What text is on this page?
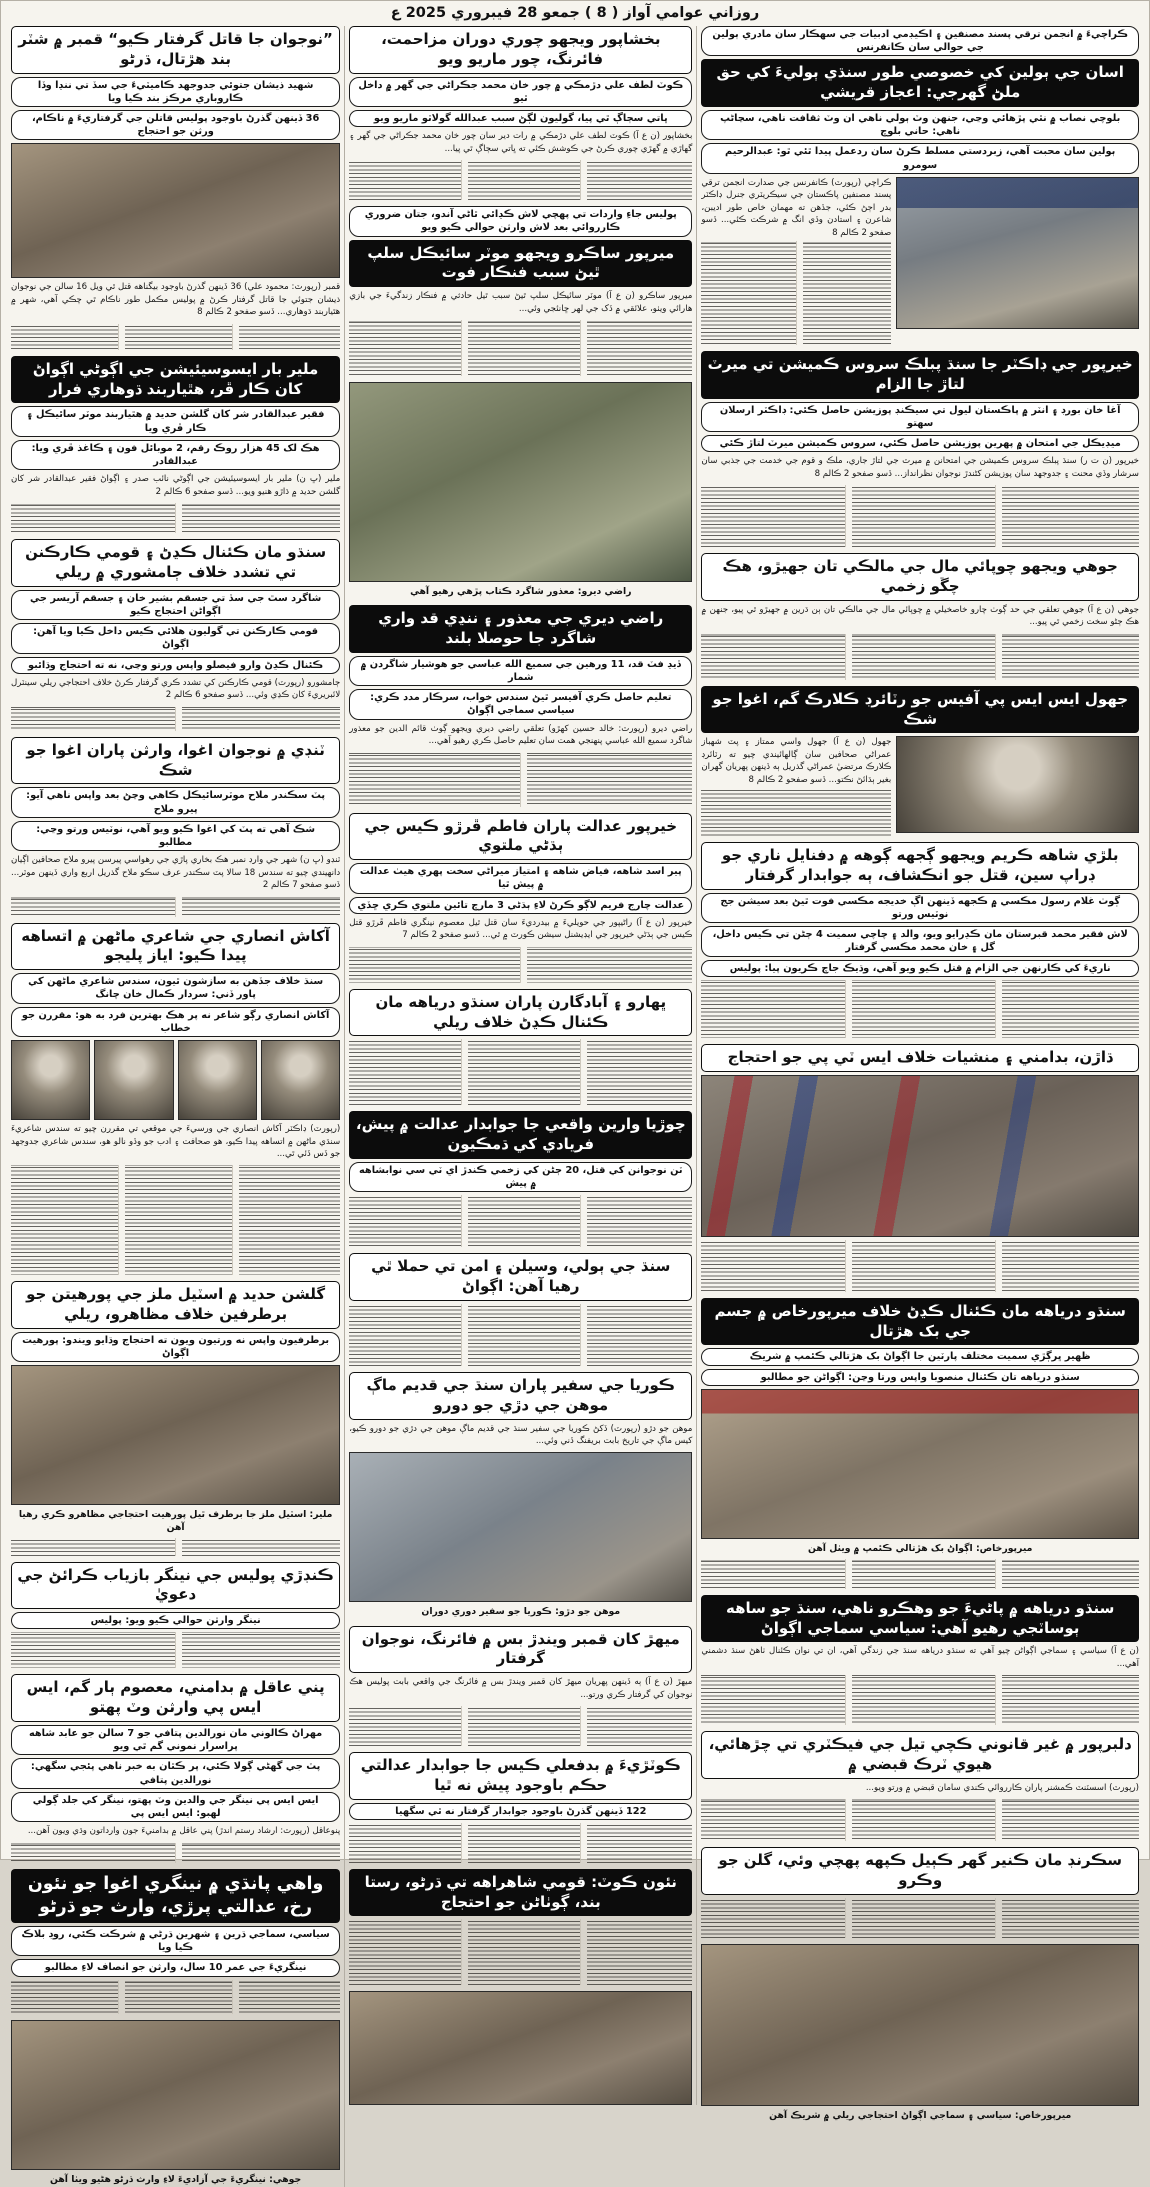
روزاني عوامي آواز ( 8 ) جمعو 28 فيبروري 2025 ع
ڪراچيءَ ۾ انجمن ترقي پسند مصنفين ۽ اڪيڊمي ادبيات جي سهڪار سان مادري ٻولين جي حوالي سان ڪانفرنس
اسان جي ٻولين کي خصوصي طور سنڌي ٻوليءَ کي حق ملڻ گهرجي: اعجاز قريشي
بلوچي نصاب ۾ نٿي پڙهائي وڃي، جنهن وٽ ٻولي ناهي ان وٽ ثقافت ناهي، سڃاڻپ ناهي: حاني بلوچ
ٻولين سان محبت آهي، زبردستي مسلط ڪرڻ سان ردعمل پيدا ٿئي ٿو: عبدالرحيم سومرو

ڪراچي (رپورٽ) ڪانفرنس جي صدارت انجمن ترقي پسند مصنفين پاڪستان جي سيڪريٽري جنرل ڊاڪٽر بدر اڄڻ ڪئي، جڏهن ته مهمان خاص طور اديبن، شاعرن ۽ استادن وڏي انگ ۾ شرڪت ڪئي... ڏسو صفحو 2 ڪالم 8

خيرپور جي ڊاڪٽر جا سنڌ پبلڪ سروس ڪميشن تي ميرٽ لتاڙ جا الزام
آغا خان بورڊ ۽ انٽر ۾ پاڪستان ليول تي سيڪنڊ پوزيشن حاصل ڪئي: ڊاڪٽر ارسلان سهتو
ميڊيڪل جي امتحان ۾ پهرين پوزيشن حاصل ڪئي، سروس ڪميشن ميرٽ لتاڙ ڪئي

خيرپور (ن ت ر) سنڌ پبلڪ سروس ڪميشن جي امتحانن ۾ ميرٽ جي لتاڙ جاري، ملڪ و قوم جي خدمت جي جذبي سان سرشار وڏي محنت ۽ جدوجهد سان پوزيشن کڻندڙ نوجوان نظرانداز... ڏسو صفحو 2 ڪالم 8

جوهي ويجهو چوپائي مال جي مالڪي تان جهيڙو، هڪ چڱو زخمي

جوهي (ن ع آ) جوهي تعلقي جي حد ڳوٺ چارو خاصخيلي ۾ چوپائي مال جي مالڪي تان ٻن ڌرين ۾ جهيڙو ٿي پيو، جنهن ۾ هڪ ڄڻو سخت زخمي ٿي پيو...

جهول ايس ايس پي آفيس جو رٽائرڊ ڪلارڪ گم، اغوا جو شڪ

جهول (ن ع آ) جهول واسي ممتاز ۽ پٽ شهباز عمراڻي صحافين سان ڳالهائيندي چيو ته رٽائرڊ ڪلارڪ مرتضيٰ عمراڻي گذريل ٻه ڏينهن پهريان گهران بغير ٻڌائڻ نڪتو... ڏسو صفحو 2 ڪالم 8

بلڙي شاهه ڪريم ويجهو ڳجهه ڳوهه ۾ دفنايل ناري جو ڊراپ سين، قتل جو انڪشاف، ٻه جوابدار گرفتار
ڳوٺ غلام رسول مڪسي ۾ ڪجهه ڏينهن اڳ خديجه مڪسي فوت ٿيڻ بعد سيشن جج نوٽيس ورتو
لاش فقير محمد قبرستان مان ڪڍرايو ويو، والد ۽ چاچي سميت 4 ڄڻن تي ڪيس داخل، گل ۽ خان محمد مڪسي گرفتار
ناريءَ کي ڪارنهن جي الزام ۾ قتل ڪيو ويو آهي، وڌيڪ جاچ ڪريون پيا: پوليس
ڌاڙن، بدامني ۽ منشيات خلاف ايس ٽي پي جو احتجاج
سنڌو درياهه مان ڪئنال ڪڍڻ خلاف ميرپورخاص ۾ جسم جي بک هڙتال
ظهير ڀرڳڙي سميت مختلف پارٽين جا اڳواڻ بک هڙتالي ڪئمپ ۾ شريڪ
سنڌو درياهه تان ڪئنال منصوبا واپس ورتا وڃن: اڳواڻن جو مطالبو
ميرپورخاص: اڳواڻ بک هڙتالي ڪئمپ ۾ ويٺل آهن
سنڌو درياهه ۾ پاڻيءَ جو وهڪرو ناهي، سنڌ جو ساهه ٻوساٽجي رهيو آهي: سياسي سماجي اڳواڻ

(ن ع آ) سياسي ۽ سماجي اڳواڻن چيو آهي ته سنڌو درياهه سنڌ جي زندگي آهي، ان تي نوان ڪئنال ٺاهڻ سنڌ دشمني آهي...

دلبرپور ۾ غير قانوني ڪچي تيل جي فيڪٽري تي چڙهائي، هيوي ٽرڪ قبضي ۾

(رپورٽ) اسسٽنٽ ڪمشنر پاران ڪارروائي ڪندي سامان قبضي ۾ ورتو ويو...

سڪرنڊ مان ڪنير گهر ڪٻيل ڪپهه پهچي وئي، گلن جو وڪرو
ميرپورخاص: سياسي ۽ سماجي اڳواڻ احتجاجي ريلي ۾ شريڪ آهن
بخشاپور ويجهو چوري دوران مزاحمت، فائرنگ، چور ماريو ويو
ڪوٽ لطف علي دڙمڪي ۾ چور خان محمد جڪراڻي جي گهر ۾ داخل ٿيو
ڀاتي سڄاڳ ٿي پيا، گوليون لڳڻ سبب عبدالله گولاٽو ماريو ويو

بخشاپور (ن ع آ) ڪوٽ لطف علي دڙمڪي ۾ رات دير سان چور خان محمد جڪراڻي جي گهر ۽ گهاڙي ۾ گهڙي چوري ڪرڻ جي ڪوشش ڪئي ته ڀاتي سڄاڳ ٿي پيا...

پوليس جاءِ واردات تي پهچي لاش ڪڍائي ٿاڻي آندو، جتان ضروري ڪارروائي بعد لاش وارثن حوالي ڪيو ويو
ميرپور ساڪرو ويجهو موٽر سائيڪل سلپ ٿيڻ سبب فنڪار فوت

ميرپور ساڪرو (ن ع آ) موٽر سائيڪل سلپ ٿيڻ سبب ٿيل حادثي ۾ فنڪار زندگيءَ جي بازي هارائي ويٺو، علائقي ۾ ڏک جي لهر ڇانئجي وئي...

راضي ديرو: معذور شاگرد ڪتاب پڙهي رهيو آهي
راضي ديري جي معذور ۽ ننڍي قد واري شاگرد جا حوصلا بلند
ڏيڍ فٽ قد، 11 ورهين جي سميع الله عباسي جو هوشيار شاگردن ۾ شمار
تعليم حاصل ڪري آفيسر ٿيڻ سندس خواب، سرڪار مدد ڪري: سياسي سماجي اڳواڻ

راضي ديرو (رپورٽ: خالد حسين کهڙو) تعلقي راضي ديري ويجهو ڳوٺ قائم الدين جو معذور شاگرد سميع الله عباسي پنهنجي همت سان تعليم حاصل ڪري رهيو آهي...

خيرپور عدالت پاران فاطم ڦرڙو ڪيس جي ٻڌڻي ملتوي
پير اسد شاهه، فياض شاهه ۽ امتياز ميراڻي سخت پهري هيٺ عدالت ۾ پيش ٿيا
عدالت چارج فريم لاڳو ڪرڻ لاءِ ٻڌڻي 3 مارچ تائين ملتوي ڪري ڇڏي

خيرپور (ن ع آ) راڻيپور جي حويليءَ ۾ بيدرديءَ سان قتل ٿيل معصوم نينگري فاطم ڦرڙو قتل ڪيس جي ٻڌڻي خيرپور جي ايڊيشنل سيشن ڪورٽ ۾ ٿي... ڏسو صفحو 2 ڪالم 7

ڀهارو ۽ آبادگارن پاران سنڌو درياهه مان ڪئنال ڪڍڻ خلاف ريلي
چوڙيا وارين واقعي جا جوابدار عدالت ۾ پيش، فريادي کي ڌمڪيون
ٽن نوجوانن کي قتل، 20 ڄڻن کي زخمي ڪندڙ اي ٽي سي نوابشاهه ۾ پيش
سنڌ جي ٻولي، وسيلن ۽ امن تي حملا ٿي رهيا آهن: اڳواڻ
ڪوريا جي سفير پاران سنڌ جي قديم ماڳ موهن جي دڙي جو دورو

موهن جو دڙو (رپورٽ) ڏکڻ ڪوريا جي سفير سنڌ جي قديم ماڳ موهن جي دڙي جو دورو ڪيو، کيس ماڳ جي تاريخ بابت بريفنگ ڏني وئي...

موهن جو دڙو: ڪوريا جو سفير دوري دوران
ميهڙ کان قمبر ويندڙ بس ۾ فائرنگ، نوجوان گرفتار

ميهڙ (ن ع آ) ٻه ڏينهن پهريان ميهڙ کان قمبر ويندڙ بس ۾ فائرنگ جي واقعي بابت پوليس هڪ نوجوان کي گرفتار ڪري ورتو...

ڪوٽڙيءَ ۾ بدفعلي ڪيس جا جوابدار عدالتي حڪم باوجود پيش نه ٿيا
122 ڏينهن گذرڻ باوجود جوابدار گرفتار نه ٿي سگهيا
نئون ڪوٽ: قومي شاهراهه تي ڌرڻو، رستا بند، ڳوٺاڻن جو احتجاج
”نوجوان جا قاتل گرفتار ڪيو“ قمبر ۾ شٽر بند هڙتال، ڌرڻو
شهيد ذيشان جتوئي جدوجهد ڪاميٽيءَ جي سڏ تي ننڍا وڏا ڪاروباري مرڪز بند ڪيا ويا
36 ڏينهن گذرڻ باوجود پوليس قاتلن جي گرفتاريءَ ۾ ناڪام، ورثن جو احتجاج

قمبر (رپورٽ: محمود علي) 36 ڏينهن گذرڻ باوجود بيگناهه قتل ٿي ويل 16 سالن جي نوجوان ذيشان جتوئي جا قاتل گرفتار ڪرڻ ۾ پوليس مڪمل طور ناڪام ٿي چڪي آهي، شهر ۾ هٿياربند ڌوهاري... ڏسو صفحو 2 ڪالم 8

ملير بار ايسوسيئيشن جي اڳوڻي اڳواڻ کان ڪار ڦر، هٿياربند ڌوهاري فرار
فقير عبدالقادر شر کان گلشن حديد ۾ هٿياربند موٽر سائيڪل ۽ ڪار ڦري ويا
هڪ لک 45 هزار روڪ رقم، 2 موبائل فون ۽ ڪاغذ ڦري ويا: عبدالقادر

ملير (ڀ ن) ملير بار ايسوسيئيشن جي اڳوڻي نائب صدر ۽ اڳواڻ فقير عبدالقادر شر کان گلشن حديد ۾ ڌاڙو هنيو ويو... ڏسو صفحو 6 ڪالم 2

سنڌو مان ڪئنال ڪڍڻ ۽ قومي ڪارڪنن تي تشدد خلاف ڄامشوري ۾ ريلي
شاگرد سٿ جي سڏ تي جسقم بشير خان ۽ جسقم آريسر جي اڳواڻن احتجاج ڪيو
قومي ڪارڪنن تي گوليون هلائي ڪيس داخل ڪيا ويا آهن: اڳواڻ
ڪئنال ڪڍڻ وارو فيصلو واپس ورتو وڃي، نه ته احتجاج وڌائبو

ڄامشورو (رپورٽ) قومي ڪارڪنن کي تشدد ڪري گرفتار ڪرڻ خلاف احتجاجي ريلي سينٽرل لائبريريءَ کان ڪڍي وئي... ڏسو صفحو 6 ڪالم 2

ٽنڊي ۾ نوجوان اغوا، وارثن پاران اغوا جو شڪ
پٽ سڪندر ملاح موٽرسائيڪل ڪاهي وڃڻ بعد واپس ناهي آيو: پيرو ملاح
شڪ آهي ته پٽ کي اغوا ڪيو ويو آهي، نوٽيس ورتو وڃي: مطالبو

ٽنڊو (ڀ ن) شهر جي وارڊ نمبر هڪ بخاري پاڙي جي رهواسي پيرسن پيرو ملاح صحافين اڳيان دانهيندي چيو ته سندس 18 سالا پٽ سڪندر عرف سڪو ملاح گذريل اربع واري ڏينهن موٽر... ڏسو صفحو 7 ڪالم 2

آکاش انصاري جي شاعري ماڻهن ۾ اتساهه پيدا ڪيو: اياز پليجو
سنڌ خلاف جڏهن به سازشون ٿيون، سندس شاعري ماڻهن کي پاور ڏني: سردار ڪمال خان چانگ
آکاش انصاري رڳو شاعر نه پر هڪ بهترين فرد به هو: مقررن جو خطاب

(رپورٽ) ڊاڪٽر آکاش انصاري جي ورسيءَ جي موقعي تي مقررن چيو ته سندس شاعريءَ سنڌي ماڻهن ۾ اتساهه پيدا ڪيو، هو صحافت ۽ ادب جو وڏو نالو هو، سندس شاعري جدوجهد جو ڏس ڏئي ٿي...

گلشن حديد ۾ اسٽيل ملز جي پورهيتن جو برطرفين خلاف مظاهرو، ريلي
برطرفيون واپس نه ورتيون ويون ته احتجاج وڌايو ويندو: پورهيت اڳواڻ
ملير: اسٽيل ملز جا برطرف ٿيل پورهيت احتجاجي مظاهرو ڪري رهيا آهن
ڪنڊڙي پوليس جي نينگر بازياب ڪرائڻ جي دعويٰ
نينگر وارثن حوالي ڪيو ويو: پوليس
پني عاقل ۾ بدامني، معصوم ٻار گم، ايس ايس پي وارثن وٽ پهتو
مهراڻ ڪالوني مان نورالدين پتافي جو 7 سالن جو عابد شاهه پراسرار نموني گم ٿي ويو
پٽ جي گهڻي ڳولا ڪئي، پر ڪٿان به خبر ناهي پئجي سگهي: نورالدين پتافي
ايس ايس پي نينگر جي والدين وٽ پهتو، نينگر کي جلد ڳولي لهبو: ايس ايس پي

پنوعاقل (رپورٽ: ارشاد رستم اندڙ) پني عاقل ۾ بدامنيءَ جون وارداتون وڌي ويون آهن...

واهي پانڌي ۾ نينگري اغوا جو نئون رخ، عدالتي پرڙي، وارث جو ڌرڻو
سياسي، سماجي ڌرين ۽ شهرين ڌرڻي ۾ شرڪت ڪئي، روڊ بلاڪ ڪيا ويا
نينگريءَ جي عمر 10 سال، وارثن جو انصاف لاءِ مطالبو
جوهي: نينگريءَ جي آزاديءَ لاءِ وارث ڌرڻو هڻيو ويٺا آهن
